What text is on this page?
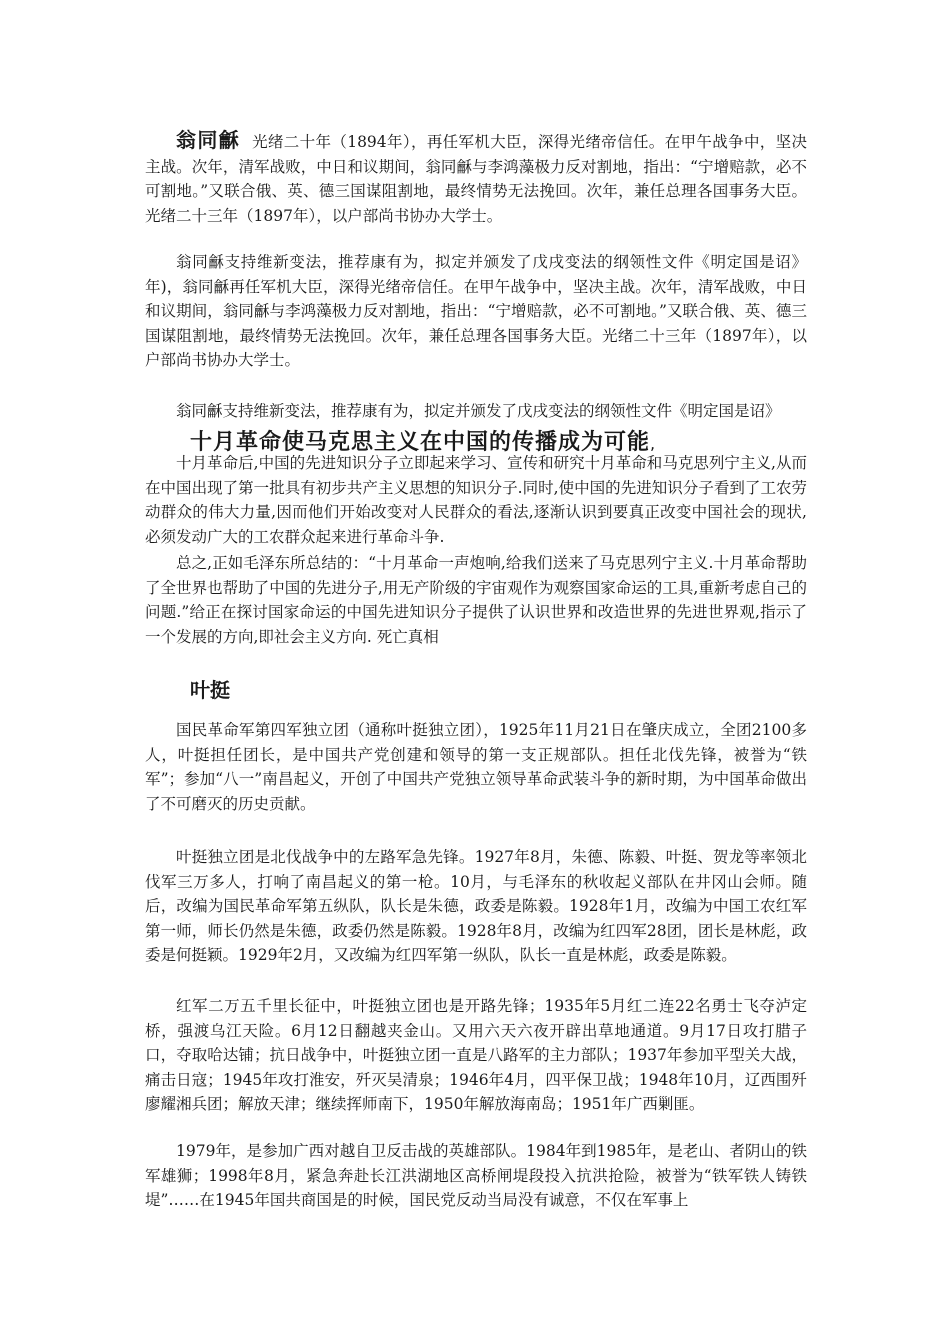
翁同龢 光绪二十年（1894年），再任军机大臣，深得光绪帝信任。在甲午战争中，坚决主战。次年，清军战败，中日和议期间，翁同龢与李鸿藻极力反对割地，指出：“宁增赔款，必不可割地。”又联合俄、英、德三国谋阻割地，最终情势无法挽回。次年，兼任总理各国事务大臣。光绪二十三年（1897年），以户部尚书协办大学士。

翁同龢支持维新变法，推荐康有为，拟定并颁发了戊戌变法的纲领性文件《明定国是诏》年)，翁同龢再任军机大臣，深得光绪帝信任。在甲午战争中，坚决主战。次年，清军战败，中日和议期间，翁同龢与李鸿藻极力反对割地，指出：“宁增赔款，必不可割地。”又联合俄、英、德三国谋阻割地，最终情势无法挽回。次年，兼任总理各国事务大臣。光绪二十三年（1897年），以户部尚书协办大学士。

翁同龢支持维新变法，推荐康有为，拟定并颁发了戊戌变法的纲领性文件《明定国是诏》

十月革命使马克思主义在中国的传播成为可能,

十月革命后,中国的先进知识分子立即起来学习、宣传和研究十月革命和马克思列宁主义,从而在中国出现了第一批具有初步共产主义思想的知识分子.同时,使中国的先进知识分子看到了工农劳动群众的伟大力量,因而他们开始改变对人民群众的看法,逐渐认识到要真正改变中国社会的现状,必须发动广大的工农群众起来进行革命斗争.

总之,正如毛泽东所总结的：“十月革命一声炮响,给我们送来了马克思列宁主义.十月革命帮助了全世界也帮助了中国的先进分子,用无产阶级的宇宙观作为观察国家命运的工具,重新考虑自己的问题.”给正在探讨国家命运的中国先进知识分子提供了认识世界和改造世界的先进世界观,指示了一个发展的方向,即社会主义方向. 死亡真相

叶挺

国民革命军第四军独立团（通称叶挺独立团），1925年11月21日在肇庆成立，全团2100多人，叶挺担任团长，是中国共产党创建和领导的第一支正规部队。担任北伐先锋，被誉为“铁军”；参加“八一”南昌起义，开创了中国共产党独立领导革命武装斗争的新时期，为中国革命做出了不可磨灭的历史贡献。

叶挺独立团是北伐战争中的左路军急先锋。1927年8月，朱德、陈毅、叶挺、贺龙等率领北伐军三万多人，打响了南昌起义的第一枪。10月，与毛泽东的秋收起义部队在井冈山会师。随后，改编为国民革命军第五纵队，队长是朱德，政委是陈毅。1928年1月，改编为中国工农红军第一师，师长仍然是朱德，政委仍然是陈毅。1928年8月，改编为红四军28团，团长是林彪，政委是何挺颖。1929年2月，又改编为红四军第一纵队，队长一直是林彪，政委是陈毅。

红军二万五千里长征中，叶挺独立团也是开路先锋；1935年5月红二连22名勇士飞夺泸定桥，强渡乌江天险。6月12日翻越夹金山。又用六天六夜开辟出草地通道。9月17日攻打腊子口，夺取哈达铺；抗日战争中，叶挺独立团一直是八路军的主力部队；1937年参加平型关大战，痛击日寇；1945年攻打淮安，歼灭吴清泉；1946年4月，四平保卫战；1948年10月，辽西围歼廖耀湘兵团；解放天津；继续挥师南下，1950年解放海南岛；1951年广西剿匪。

1979年，是参加广西对越自卫反击战的英雄部队。1984年到1985年，是老山、者阴山的铁军雄狮；1998年8月，紧急奔赴长江洪湖地区高桥闸堤段投入抗洪抢险，被誉为“铁军铁人铸铁堤”……在1945年国共商国是的时候，国民党反动当局没有诚意，不仅在军事上
